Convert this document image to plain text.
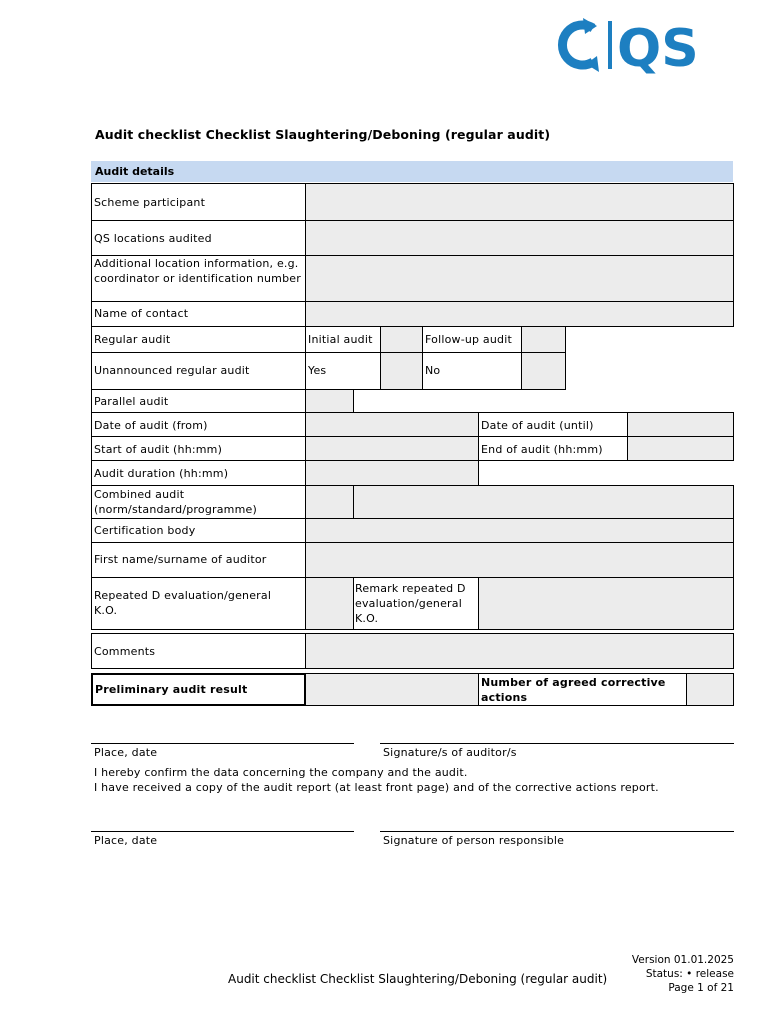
QS
Audit checklist Checklist Slaughtering/Deboning (regular audit)
Audit details
Scheme participant
QS locations audited
Additional location information, e.g. coordinator or identification number
Name of contact
Regular audit	Initial audit	Follow-up audit
Unannounced regular audit	Yes	No
Parallel audit
Date of audit (from)	Date of audit (until)
Start of audit (hh:mm)	End of audit (hh:mm)
Audit duration (hh:mm)
Combined audit (norm/standard/programme)
Certification body
First name/surname of auditor
Repeated D evaluation/general K.O.
Remark repeated D evaluation/general K.O.
Comments
Preliminary audit result
Number of agreed corrective actions
Place, date	Signature/s of auditor/s
I hereby confirm the data concerning the company and the audit.
I have received a copy of the audit report (at least front page) and of the corrective actions report.
Place, date	Signature of person responsible
Audit checklist Checklist Slaughtering/Deboning (regular audit)
Version 01.01.2025
Status: • release
Page 1 of 21
